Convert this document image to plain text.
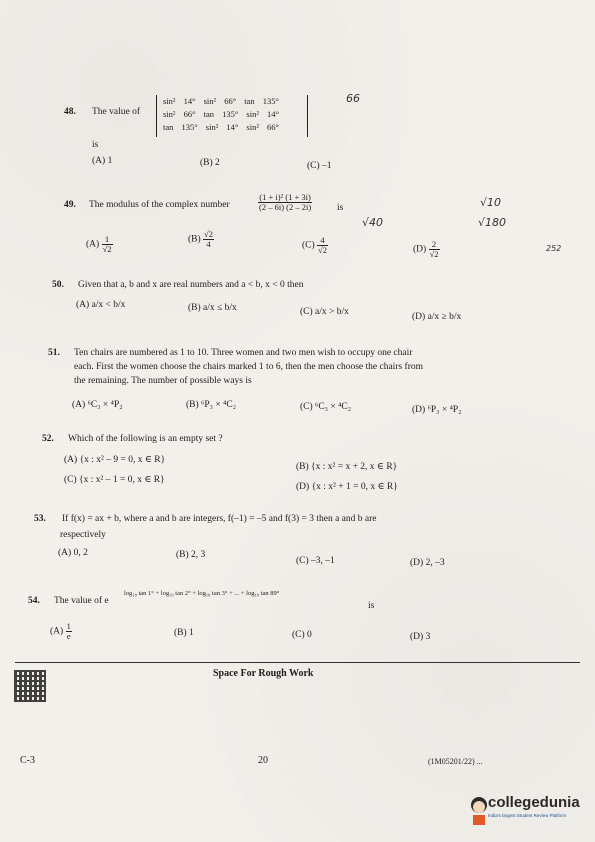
48. The value of
sin² 14° sin² 66° tan 135°
sin² 66° tan 135° sin² 14°
tan 135° sin² 14° sin² 66°
is
(A) 1	(B) 2	(C) –1
49. The modulus of the complex number	$\frac{\text{(1 + i)² (1 + 3i)}}{(2 - 6i) (2 - 2i)}$	is
$(A) \frac{1}{√2}$	$(B) \frac{√2}{4}$	$(C) \frac{4}{√2}$	$(D) \frac{2}{√2}$
50. Given that a, b and x are real numbers and a < b, x < 0 then
(A) a/x < b/x	(B) a/x ≤ b/x	(C) a/x > b/x	(D) a/x ≥ b/x
51. Ten chairs are numbered as 1 to 10. Three women and two men wish to occupy one chair
each. First the women choose the chairs marked 1 to 6, then the men choose the chairs from
the remaining. The number of possible ways is
(A) ⁶C₃ × ⁴P₂	(B) ⁶P₃ × ⁴C₂	(C) ⁶C₃ × ⁴C₂	(D) ⁶P₃ × ⁴P₂
52. Which of the following is an empty set ?
(A) {x : x² – 9 = 0, x ∈ R}
(B) {x : x² = x + 2, x ∈ R}
(C) {x : x² – 1 = 0, x ∈ R}
(D) {x : x² + 1 = 0, x ∈ R}
53. If f(x) = ax + b, where a and b are integers, f(–1) = –5 and f(3) = 3 then a and b are
respectively
(A) 0, 2	(B) 2, 3
(C) –3, –1	(D) 2, –3
54. The value of e
log₁₀ tan 1° + log₁₀ tan 2° + log₁₀ tan 3° + ... + log₁₀ tan 89°
is
$(A) \frac{1}{e}$	(B) 1	(C) 0	(D) 3
Space For Rough Work
C-3	20	(1M05201/22) ...
66
√10
√180
√40
252
collegedunia
India's largest Student Review Platform
